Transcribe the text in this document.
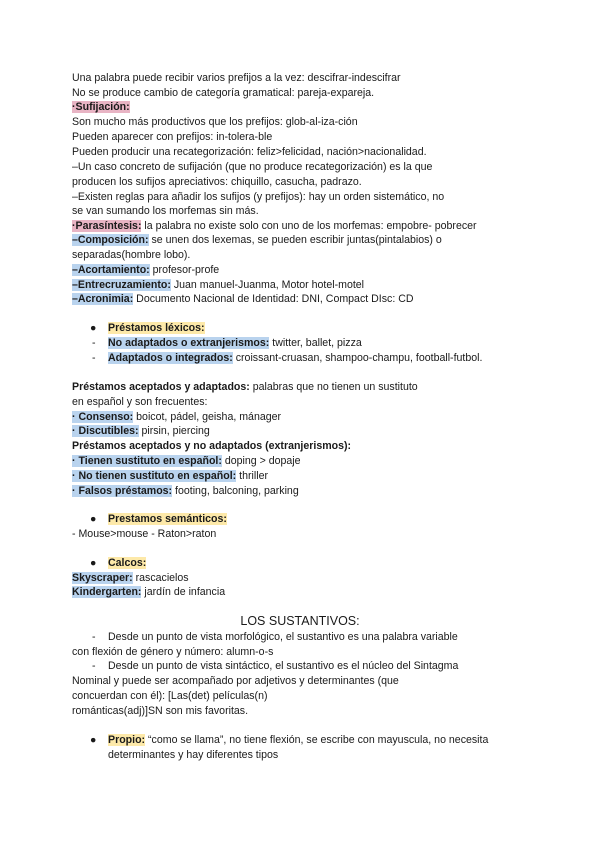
Una palabra puede recibir varios prefijos a la vez: descifrar-indescifrar
No se produce cambio de categoría gramatical: pareja-expareja.
·Sufijación:
Son mucho más productivos que los prefijos: glob-al-iza-ción
Pueden aparecer con prefijos: in-tolera-ble
Pueden producir una recategorización: feliz>felicidad, nación>nacionalidad.
–Un caso concreto de sufijación (que no produce recategorización) es la que
producen los sufijos apreciativos: chiquillo, casucha, padrazo.
–Existen reglas para añadir los sufijos (y prefijos): hay un orden sistemático, no
se van sumando los morfemas sin más.
·Parasíntesis: la palabra no existe solo con uno de los morfemas: empobre- pobrecer
–Composición: se unen dos lexemas, se pueden escribir juntas(pintalabios) o
separadas(hombre lobo).
–Acortamiento: profesor-profe
–Entrecruzamiento: Juan manuel-Juanma, Motor hotel-motel
–Acronimia: Documento Nacional de Identidad: DNI, Compact DIsc: CD
● Préstamos léxicos:
- No adaptados o extranjerismos: twitter, ballet, pizza
- Adaptados o integrados: croissant-cruasan, shampoo-champu, football-futbol.
Préstamos aceptados y adaptados: palabras que no tienen un sustituto
en español y son frecuentes:
· Consenso: boicot, pádel, geisha, mánager
· Discutibles: pirsin, piercing
Préstamos aceptados y no adaptados (extranjerismos):
· Tienen sustituto en español: doping > dopaje
· No tienen sustituto en español: thriller
· Falsos préstamos: footing, balconing, parking
● Prestamos semánticos:
- Mouse>mouse - Raton>raton
● Calcos:
Skyscraper: rascacielos
Kindergarten: jardín de infancia
LOS SUSTANTIVOS:
- Desde un punto de vista morfológico, el sustantivo es una palabra variable
con flexión de género y número: alumn-o-s
- Desde un punto de vista sintáctico, el sustantivo es el núcleo del Sintagma
Nominal y puede ser acompañado por adjetivos y determinantes (que
concuerdan con él): [Las(det) películas(n)
románticas(adj)]SN son mis favoritas.
● Propio: “como se llama”, no tiene flexión, se escribe con mayuscula, no necesita
determinantes y hay diferentes tipos
